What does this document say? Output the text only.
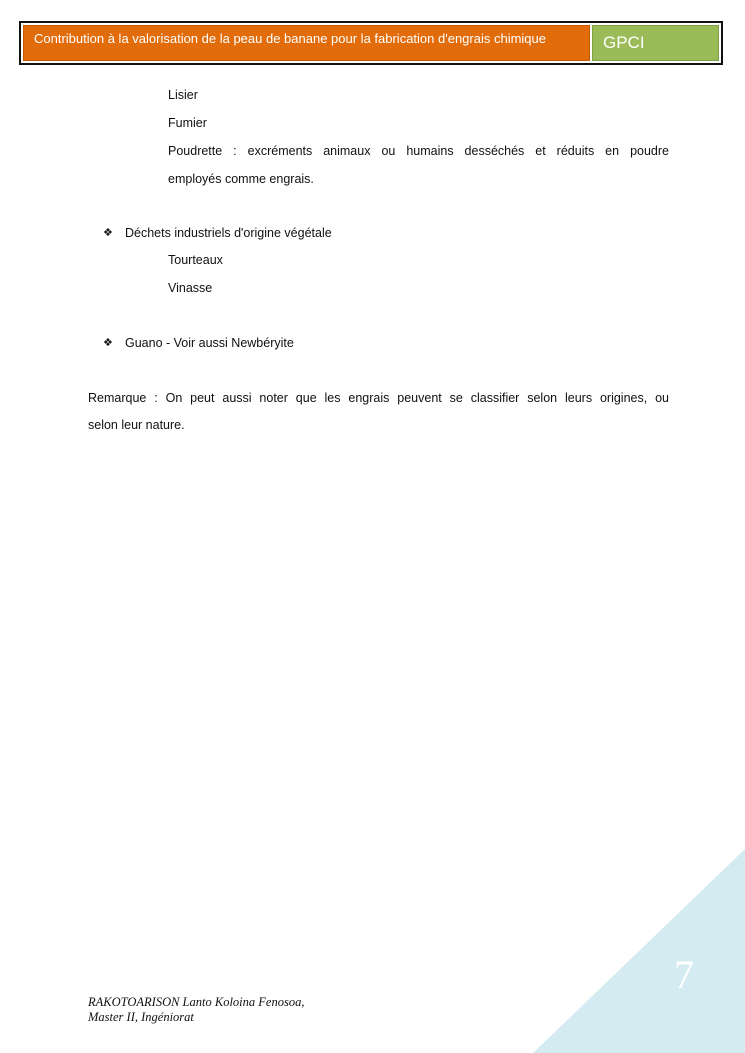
Contribution à la valorisation de la peau de banane pour la fabrication d'engrais chimique	GPCI
Lisier
Fumier
Poudrette : excréments animaux ou humains desséchés et réduits en poudre
employés comme engrais.
❖ Déchets industriels d'origine végétale
Tourteaux
Vinasse
❖ Guano - Voir aussi Newbéryite
Remarque : On peut aussi noter que les engrais peuvent se classifier selon leurs origines, ou
selon leur nature.
7
RAKOTOARISON Lanto Koloina Fenosoa,
Master II, Ingéniorat
